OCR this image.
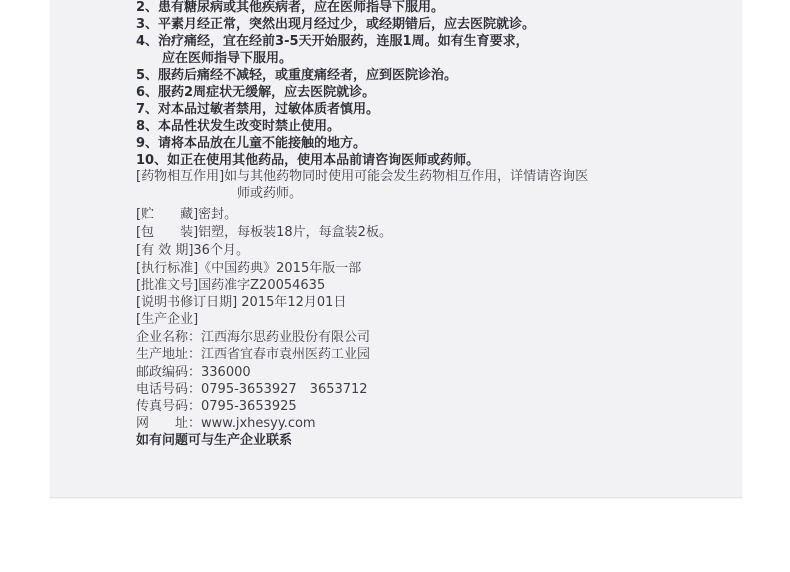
2、患有糖尿病或其他疾病者，应在医师指导下服用。
3、平素月经正常，突然出现月经过少，或经期错后，应去医院就诊。
4、治疗痛经，宜在经前3-5天开始服药，连服1周。如有生育要求，
应在医师指导下服用。
5、服药后痛经不减轻，或重度痛经者，应到医院诊治。
6、服药2周症状无缓解，应去医院就诊。
7、对本品过敏者禁用，过敏体质者慎用。
8、本品性状发生改变时禁止使用。
9、请将本品放在儿童不能接触的地方。
10、如正在使用其他药品，使用本品前请咨询医师或药师。
[药物相互作用]如与其他药物同时使用可能会发生药物相互作用，详情请咨询医
师或药师。
[贮　　藏]密封。
[包　　装]铝塑，每板装18片，每盒装2板。
[有 效 期]36个月。
[执行标准]《中国药典》2015年版一部
[批准文号]国药准字Z20054635
[说明书修订日期] 2015年12月01日
[生产企业]
企业名称：江西海尔思药业股份有限公司
生产地址：江西省宜春市袁州医药工业园
邮政编码：336000
电话号码：0795-3653927　3653712
传真号码：0795-3653925
网　　址：www.jxhesyy.com
如有问题可与生产企业联系
